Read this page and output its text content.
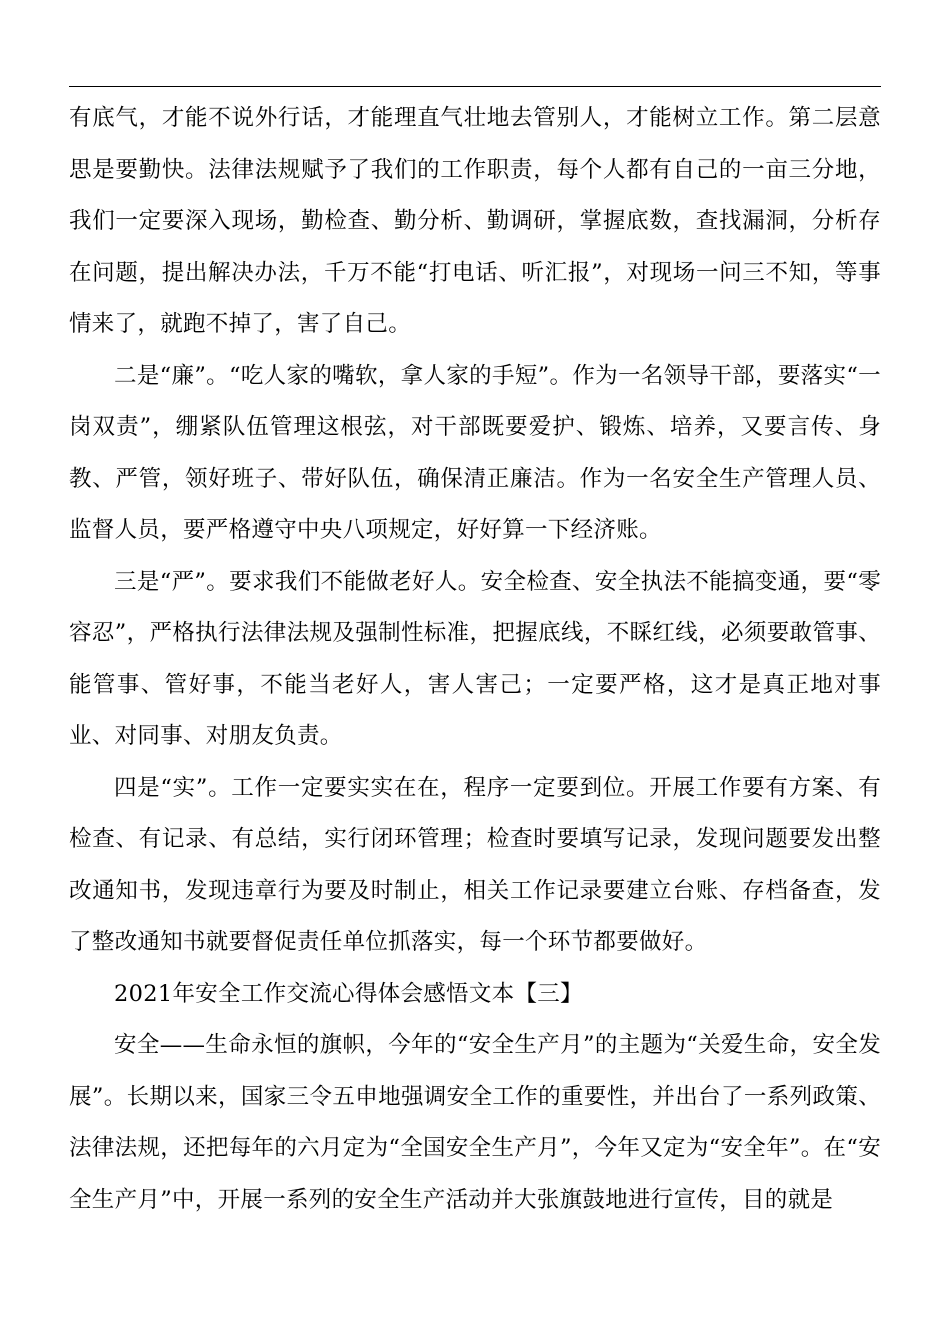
有底气，才能不说外行话，才能理直气壮地去管别人，才能树立工作。第二层意思是要勤快。法律法规赋予了我们的工作职责，每个人都有自己的一亩三分地，我们一定要深入现场，勤检查、勤分析、勤调研，掌握底数，查找漏洞，分析存在问题，提出解决办法，千万不能“打电话、听汇报”，对现场一问三不知，等事情来了，就跑不掉了，害了自己。

二是“廉”。“吃人家的嘴软，拿人家的手短”。作为一名领导干部，要落实“一岗双责”，绷紧队伍管理这根弦，对干部既要爱护、锻炼、培养，又要言传、身教、严管，领好班子、带好队伍，确保清正廉洁。作为一名安全生产管理人员、监督人员，要严格遵守中央八项规定，好好算一下经济账。

三是“严”。要求我们不能做老好人。安全检查、安全执法不能搞变通，要“零容忍”，严格执行法律法规及强制性标准，把握底线，不睬红线，必须要敢管事、能管事、管好事，不能当老好人，害人害己；一定要严格，这才是真正地对事业、对同事、对朋友负责。

四是“实”。工作一定要实实在在，程序一定要到位。开展工作要有方案、有检查、有记录、有总结，实行闭环管理；检查时要填写记录，发现问题要发出整改通知书，发现违章行为要及时制止，相关工作记录要建立台账、存档备查，发了整改通知书就要督促责任单位抓落实，每一个环节都要做好。

2021年安全工作交流心得体会感悟文本【三】

安全——生命永恒的旗帜，今年的“安全生产月”的主题为“关爱生命，安全发展”。长期以来，国家三令五申地强调安全工作的重要性，并出台了一系列政策、法律法规，还把每年的六月定为“全国安全生产月”，今年又定为“安全年”。在“安全生产月”中，开展一系列的安全生产活动并大张旗鼓地进行宣传，目的就是
